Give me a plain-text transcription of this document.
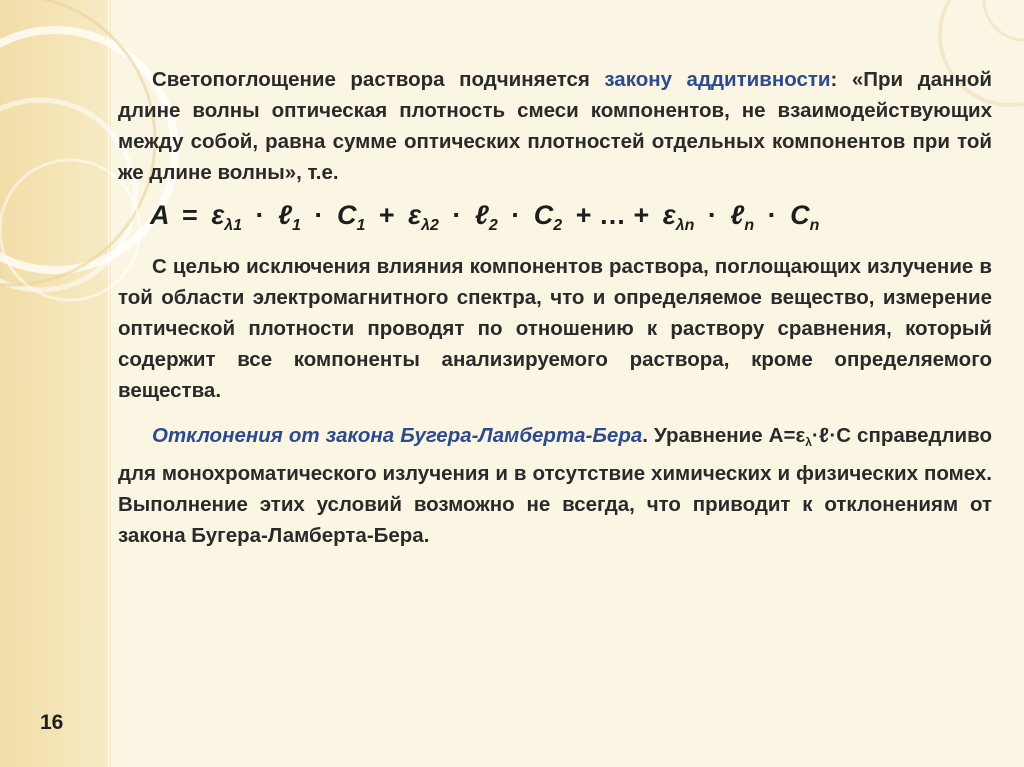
Светопоглощение раствора подчиняется закону аддитивности: «При данной длине волны оптическая плотность смеси компонентов, не взаимодействующих между собой, равна сумме оптических плотностей отдельных компонентов при той же длине волны», т.е.

$A = \varepsilon_{\lambda 1}$ · ℓ$_1$ · $C_1 + \varepsilon_{\lambda 2}$ · ℓ$_2$ · $C_2$ + … + $\varepsilon_{\lambda n}$ · ℓ$_n$ · $C_n$

С целью исключения влияния компонентов раствора, поглощающих излучение в той области электромагнитного спектра, что и определяемое вещество, измерение оптической плотности проводят по отношению к раствору сравнения, который содержит все компоненты анализируемого раствора, кроме определяемого вещества.

Отклонения от закона Бугера-Ламберта-Бера. Уравнение $А=\varepsilon_\lambda\cdot\ell\cdot С$ справедливо для монохроматического излучения и в отсутствие химических и физических помех. Выполнение этих условий возможно не всегда, что приводит к отклонениям от закона Бугера-Ламберта-Бера.

16
